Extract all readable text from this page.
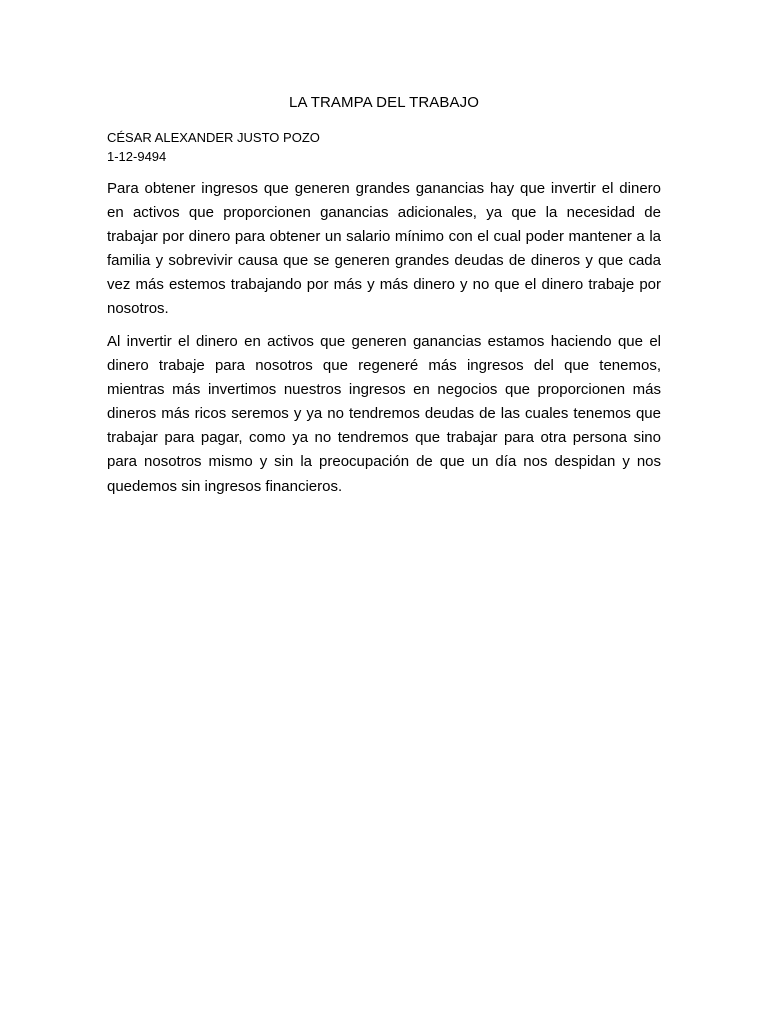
LA TRAMPA DEL TRABAJO
CÉSAR ALEXANDER JUSTO POZO
1-12-9494

Para obtener ingresos que generen grandes ganancias hay que invertir el dinero en activos que proporcionen ganancias adicionales, ya que la necesidad de trabajar por dinero para obtener un salario mínimo con el cual poder mantener a la familia y sobrevivir causa que se generen grandes deudas de dineros y que cada vez más estemos trabajando por más y más dinero y no que el dinero trabaje por nosotros.

Al invertir el dinero en activos que generen ganancias estamos haciendo que el dinero trabaje para nosotros que regeneré más ingresos del que tenemos, mientras más invertimos nuestros ingresos en negocios que proporcionen más dineros más ricos seremos y ya no tendremos deudas de las cuales tenemos que trabajar para pagar, como ya no tendremos que trabajar para otra persona sino para nosotros mismo y sin la preocupación de que un día nos despidan y nos quedemos sin ingresos financieros.
